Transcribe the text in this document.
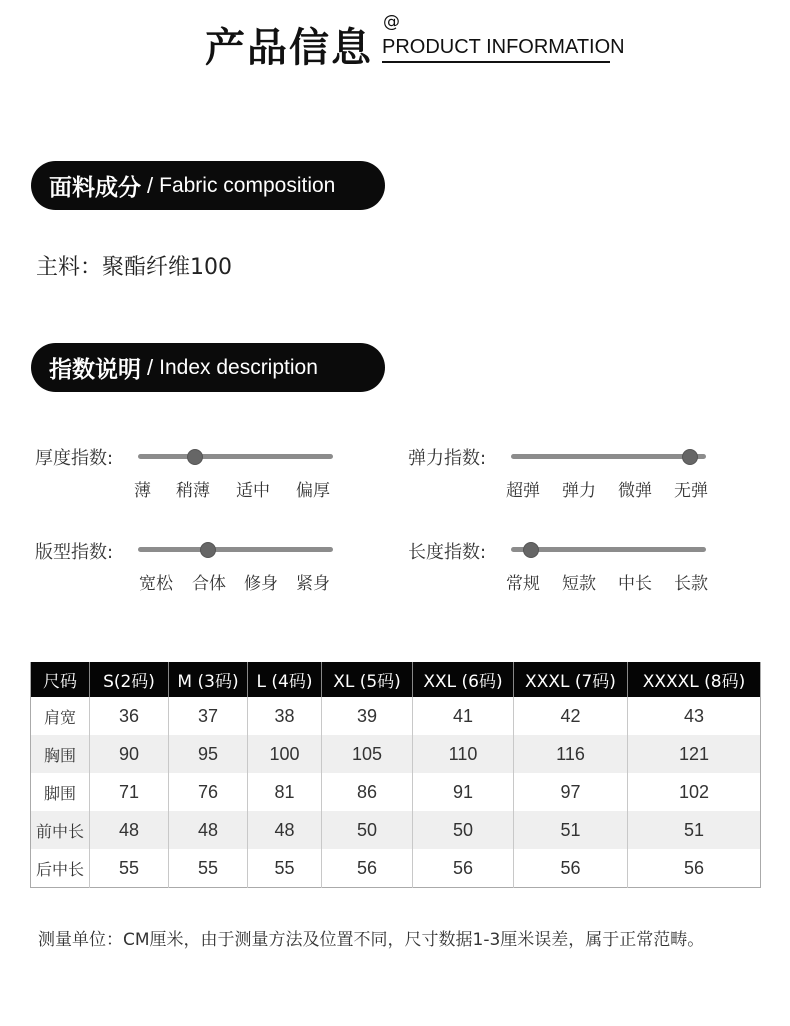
产品信息
@
PRODUCT INFORMATION
面料成分 / Fabric composition
主料：聚酯纤维100
指数说明 / Index description
厚度指数:
薄	稍薄	适中	偏厚
弹力指数:
超弹	弹力	微弹	无弹
版型指数:
宽松	合体	修身	紧身
长度指数:
常规	短款	中长	长款
尺码	S(2码)	M (3码)	L (4码)	XL (5码)	XXL (6码)	XXXL (7码)	XXXXL (8码)
肩宽	36	37	38	39	41	42	43
胸围	90	95	100	105	110	116	121
脚围	71	76	81	86	91	97	102
前中长	48	48	48	50	50	51	51
后中长	55	55	55	56	56	56	56
测量单位：CM厘米，由于测量方法及位置不同，尺寸数据1-3厘米误差，属于正常范畴。
